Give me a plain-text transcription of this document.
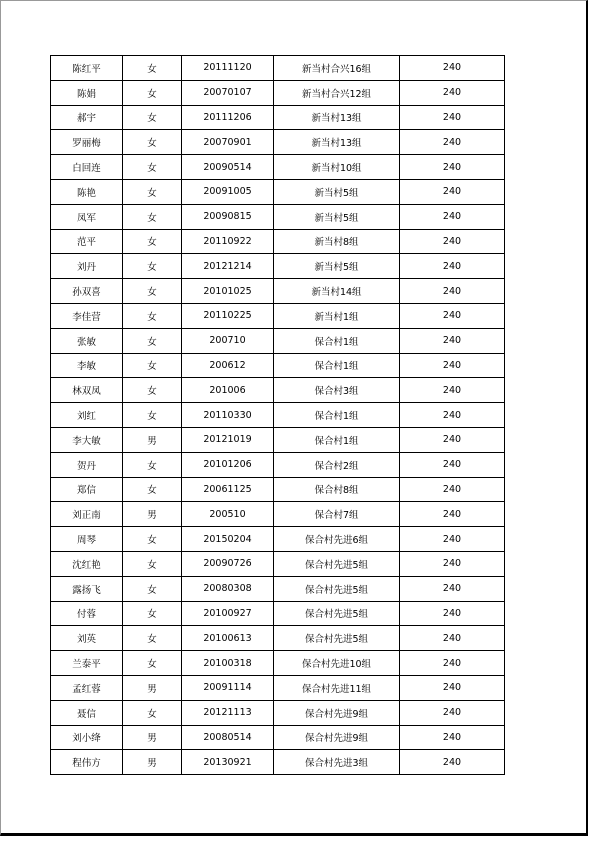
陈红平	女	20111120	新当村合兴16组	240
陈娟	女	20070107	新当村合兴12组	240
郝宇	女	20111206	新当村13组	240
罗丽梅	女	20070901	新当村13组	240
白回连	女	20090514	新当村10组	240
陈艳	女	20091005	新当村5组	240
凤军	女	20090815	新当村5组	240
范平	女	20110922	新当村8组	240
刘丹	女	20121214	新当村5组	240
孙双喜	女	20101025	新当村14组	240
李佳营	女	20110225	新当村1组	240
张敏	女	200710	保合村1组	240
李敏	女	200612	保合村1组	240
林双凤	女	201006	保合村3组	240
刘红	女	20110330	保合村1组	240
李大敏	男	20121019	保合村1组	240
贺丹	女	20101206	保合村2组	240
郑信	女	20061125	保合村8组	240
刘正南	男	200510	保合村7组	240
周琴	女	20150204	保合村先进6组	240
沈红艳	女	20090726	保合村先进5组	240
露扬飞	女	20080308	保合村先进5组	240
付蓉	女	20100927	保合村先进5组	240
刘英	女	20100613	保合村先进5组	240
兰泰平	女	20100318	保合村先进10组	240
孟红蓉	男	20091114	保合村先进11组	240
聂信	女	20121113	保合村先进9组	240
刘小绛	男	20080514	保合村先进9组	240
程伟方	男	20130921	保合村先进3组	240
